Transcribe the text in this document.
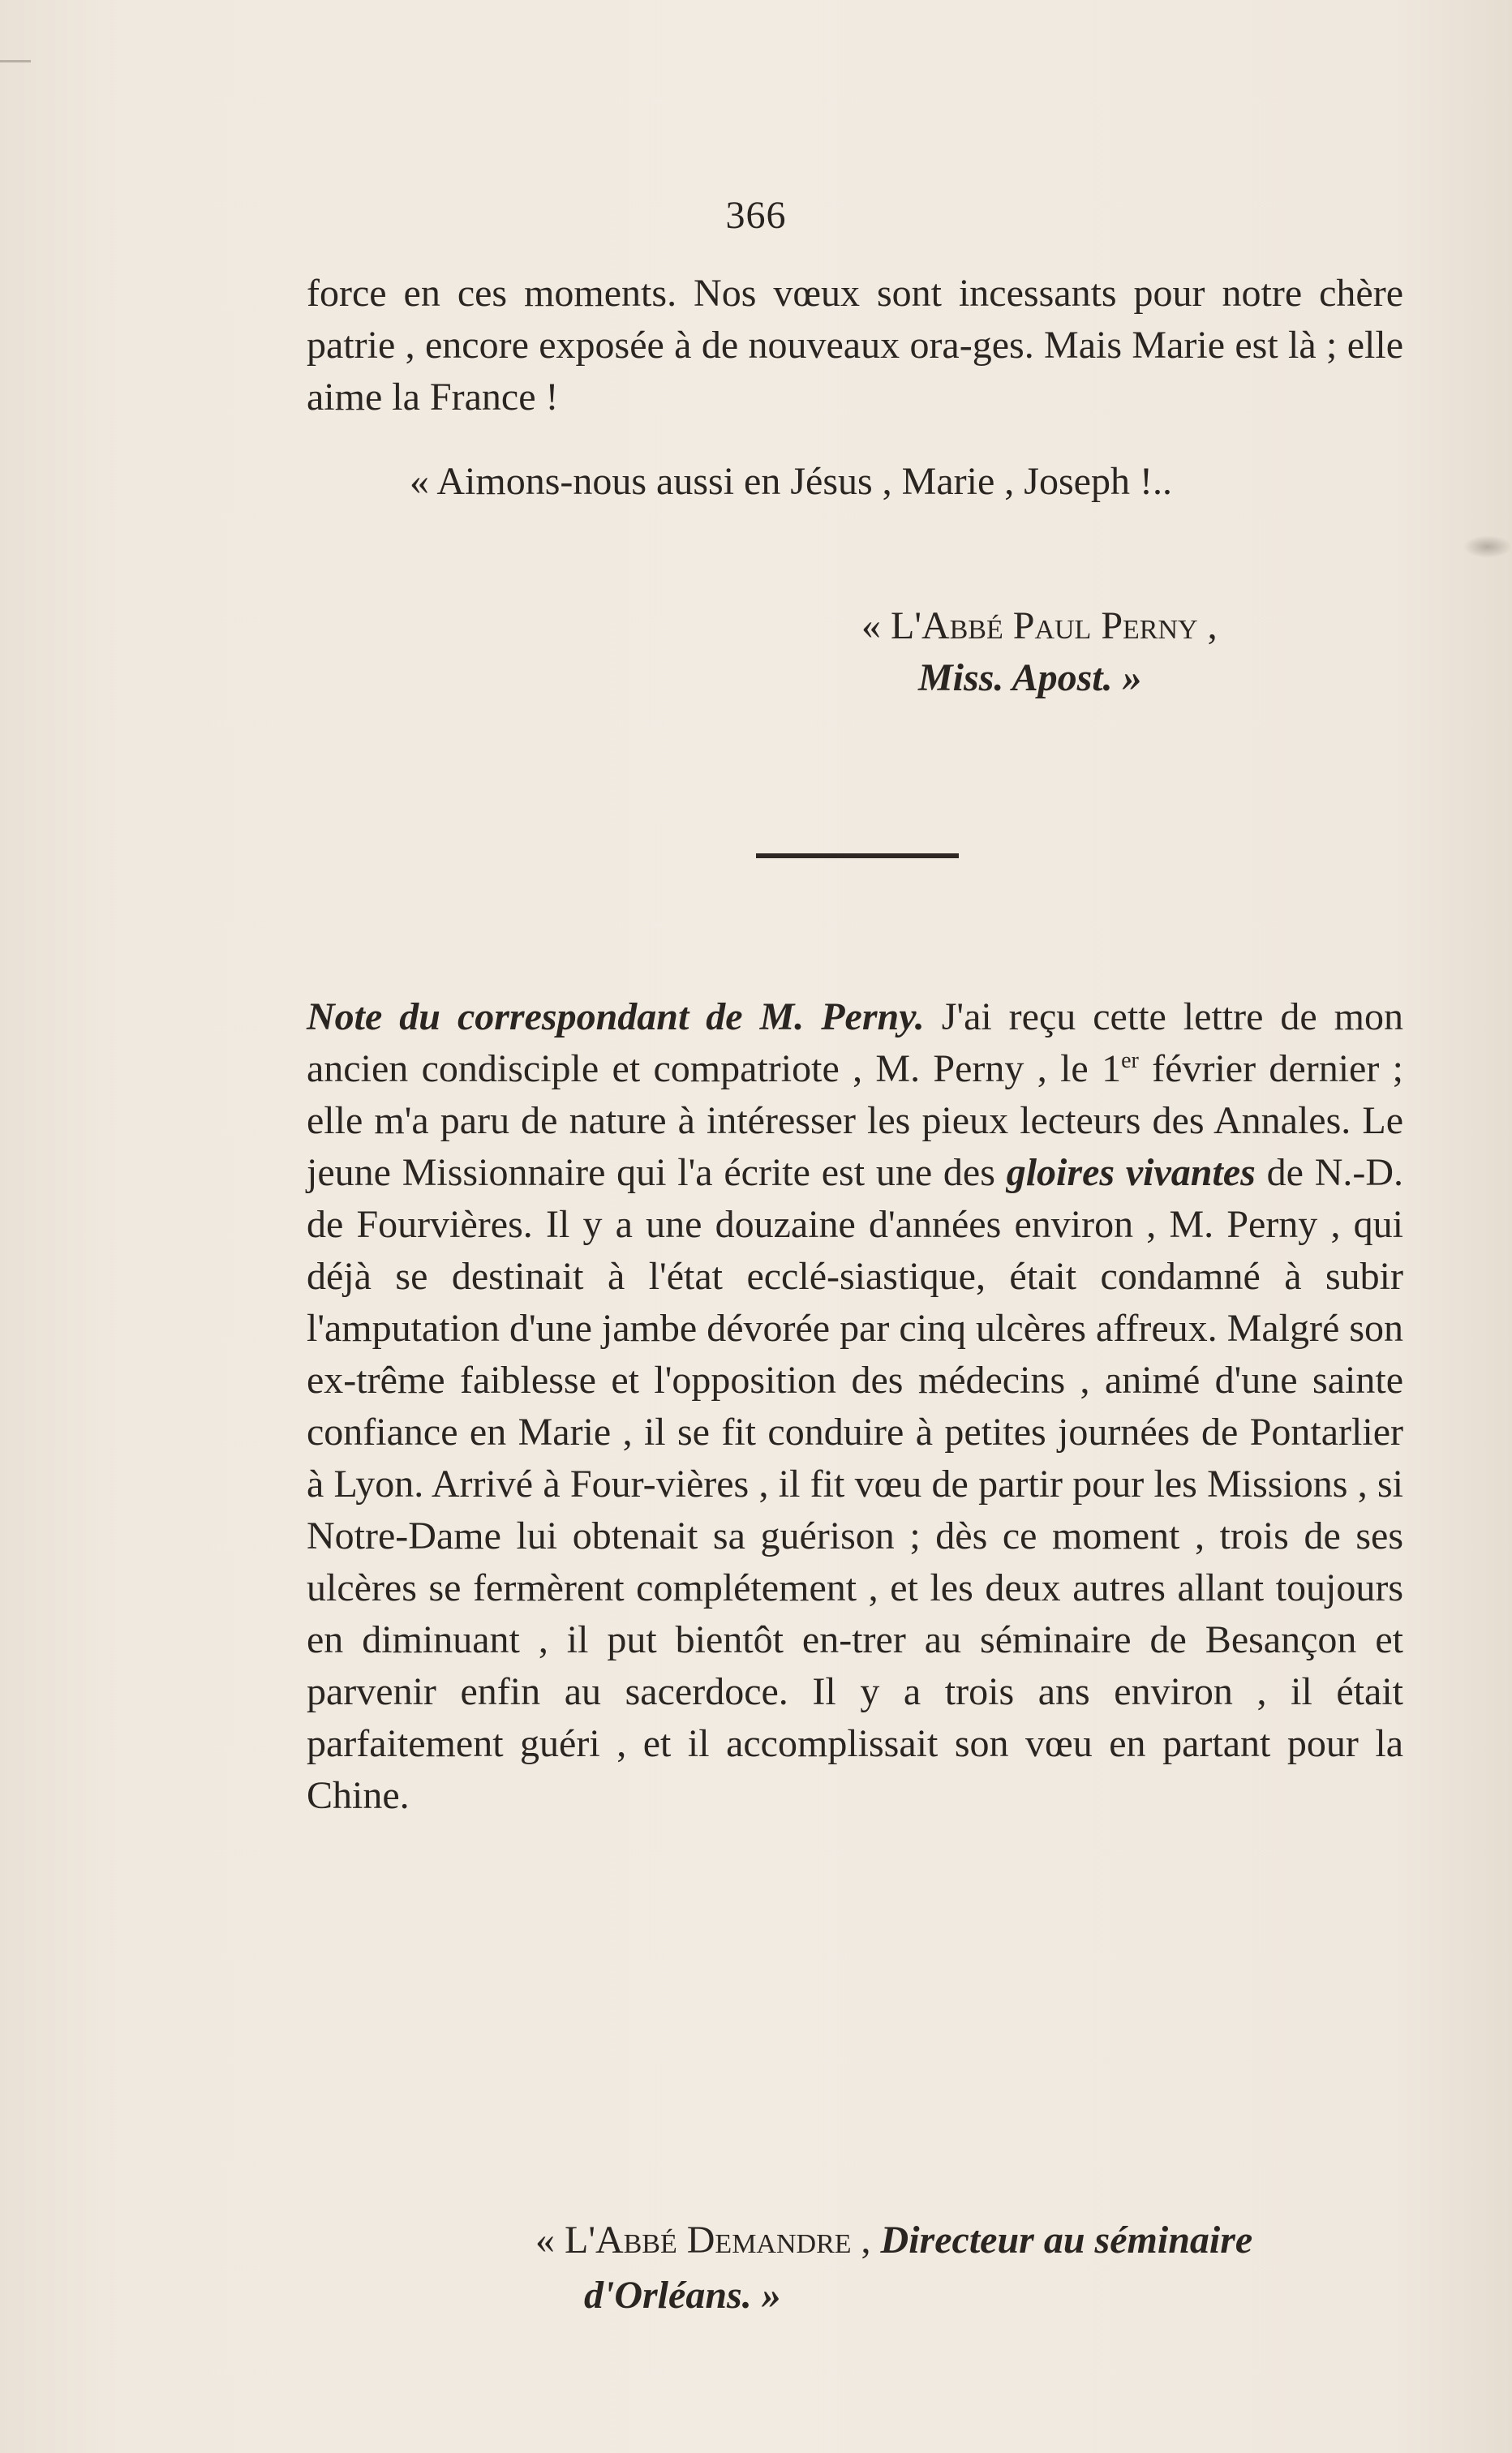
366
force en ces moments. Nos vœux sont incessants pour notre chère patrie , encore exposée à de nouveaux ora-ges. Mais Marie est là ; elle aime la France !
« Aimons-nous aussi en Jésus , Marie , Joseph !..
« L'Abbé Paul Perny ,
Miss. Apost. »
Note du correspondant de M. Perny. J'ai reçu cette lettre de mon ancien condisciple et compatriote , M. Perny , le 1er février dernier ; elle m'a paru de nature à intéresser les pieux lecteurs des Annales. Le jeune Missionnaire qui l'a écrite est une des gloires vivantes de N.-D. de Fourvières. Il y a une douzaine d'années environ , M. Perny , qui déjà se destinait à l'état ecclé-siastique, était condamné à subir l'amputation d'une jambe dévorée par cinq ulcères affreux. Malgré son ex-trême faiblesse et l'opposition des médecins , animé d'une sainte confiance en Marie , il se fit conduire à petites journées de Pontarlier à Lyon. Arrivé à Four-vières , il fit vœu de partir pour les Missions , si Notre-Dame lui obtenait sa guérison ; dès ce moment , trois de ses ulcères se fermèrent complétement , et les deux autres allant toujours en diminuant , il put bientôt en-trer au séminaire de Besançon et parvenir enfin au sacerdoce. Il y a trois ans environ , il était parfaitement guéri , et il accomplissait son vœu en partant pour la Chine.
« L'Abbé Demandre , Directeur au séminaire
d'Orléans. »
